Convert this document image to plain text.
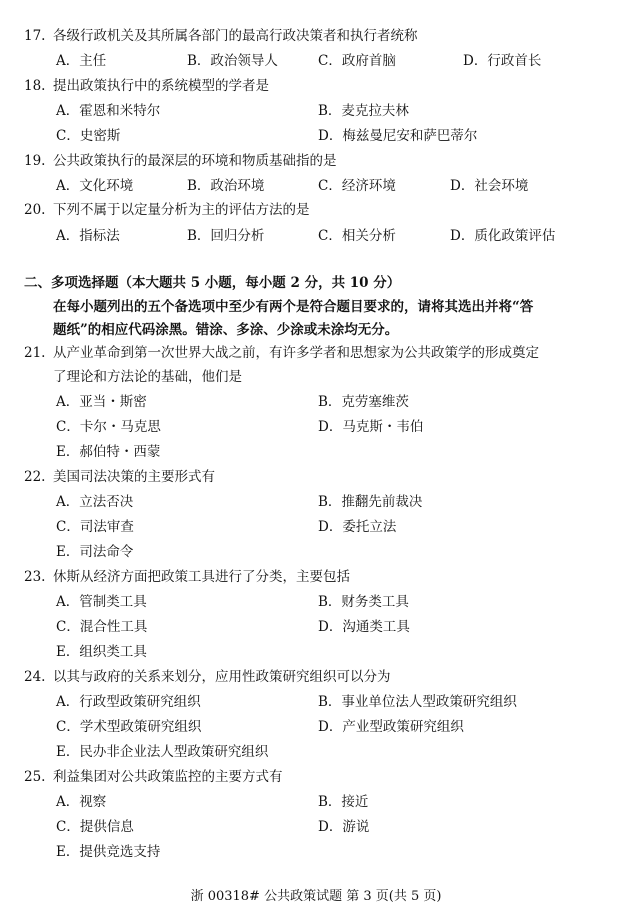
17. 各级行政机关及其所属各部门的最高行政决策者和执行者统称
A．主任	B．政治领导人	C．政府首脑	D．行政首长
18. 提出政策执行中的系统模型的学者是
A．霍恩和米特尔	B．麦克拉夫林
C．史密斯	D．梅兹曼尼安和萨巴蒂尔
19. 公共政策执行的最深层的环境和物质基础指的是
A．文化环境	B．政治环境	C．经济环境	D．社会环境
20. 下列不属于以定量分析为主的评估方法的是
A．指标法	B．回归分析	C．相关分析	D．质化政策评估
二、多项选择题（本大题共 5 小题，每小题 2 分，共 10 分）
在每小题列出的五个备选项中至少有两个是符合题目要求的，请将其选出并将“答
题纸”的相应代码涂黑。错涂、多涂、少涂或未涂均无分。
21. 从产业革命到第一次世界大战之前，有许多学者和思想家为公共政策学的形成奠定
了理论和方法论的基础，他们是
A．亚当・斯密	B．克劳塞维茨
C．卡尔・马克思	D．马克斯・韦伯
E．郝伯特・西蒙
22. 美国司法决策的主要形式有
A．立法否决	B．推翻先前裁决
C．司法审查	D．委托立法
E．司法命令
23. 休斯从经济方面把政策工具进行了分类，主要包括
A．管制类工具	B．财务类工具
C．混合性工具	D．沟通类工具
E．组织类工具
24. 以其与政府的关系来划分，应用性政策研究组织可以分为
A．行政型政策研究组织	B．事业单位法人型政策研究组织
C．学术型政策研究组织	D．产业型政策研究组织
E．民办非企业法人型政策研究组织
25. 利益集团对公共政策监控的主要方式有
A．视察	B．接近
C．提供信息	D．游说
E．提供竞选支持
浙 00318# 公共政策试题 第 3 页(共 5 页)
